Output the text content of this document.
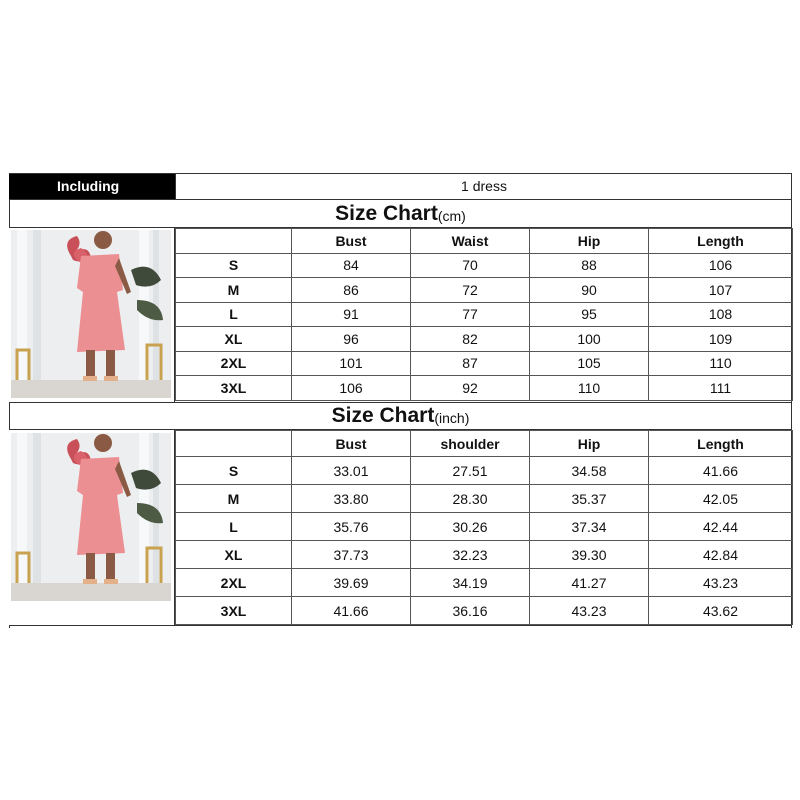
Including	1 dress
Size Chart (cm)
	Bust	Waist	Hip	Length
S	84	70	88	106
M	86	72	90	107
L	91	77	95	108
XL	96	82	100	109
2XL	101	87	105	110
3XL	106	92	110	111
Size Chart (inch)
	Bust	shoulder	Hip	Length
S	33.01	27.51	34.58	41.66
M	33.80	28.30	35.37	42.05
L	35.76	30.26	37.34	42.44
XL	37.73	32.23	39.30	42.84
2XL	39.69	34.19	41.27	43.23
3XL	41.66	36.16	43.23	43.62
